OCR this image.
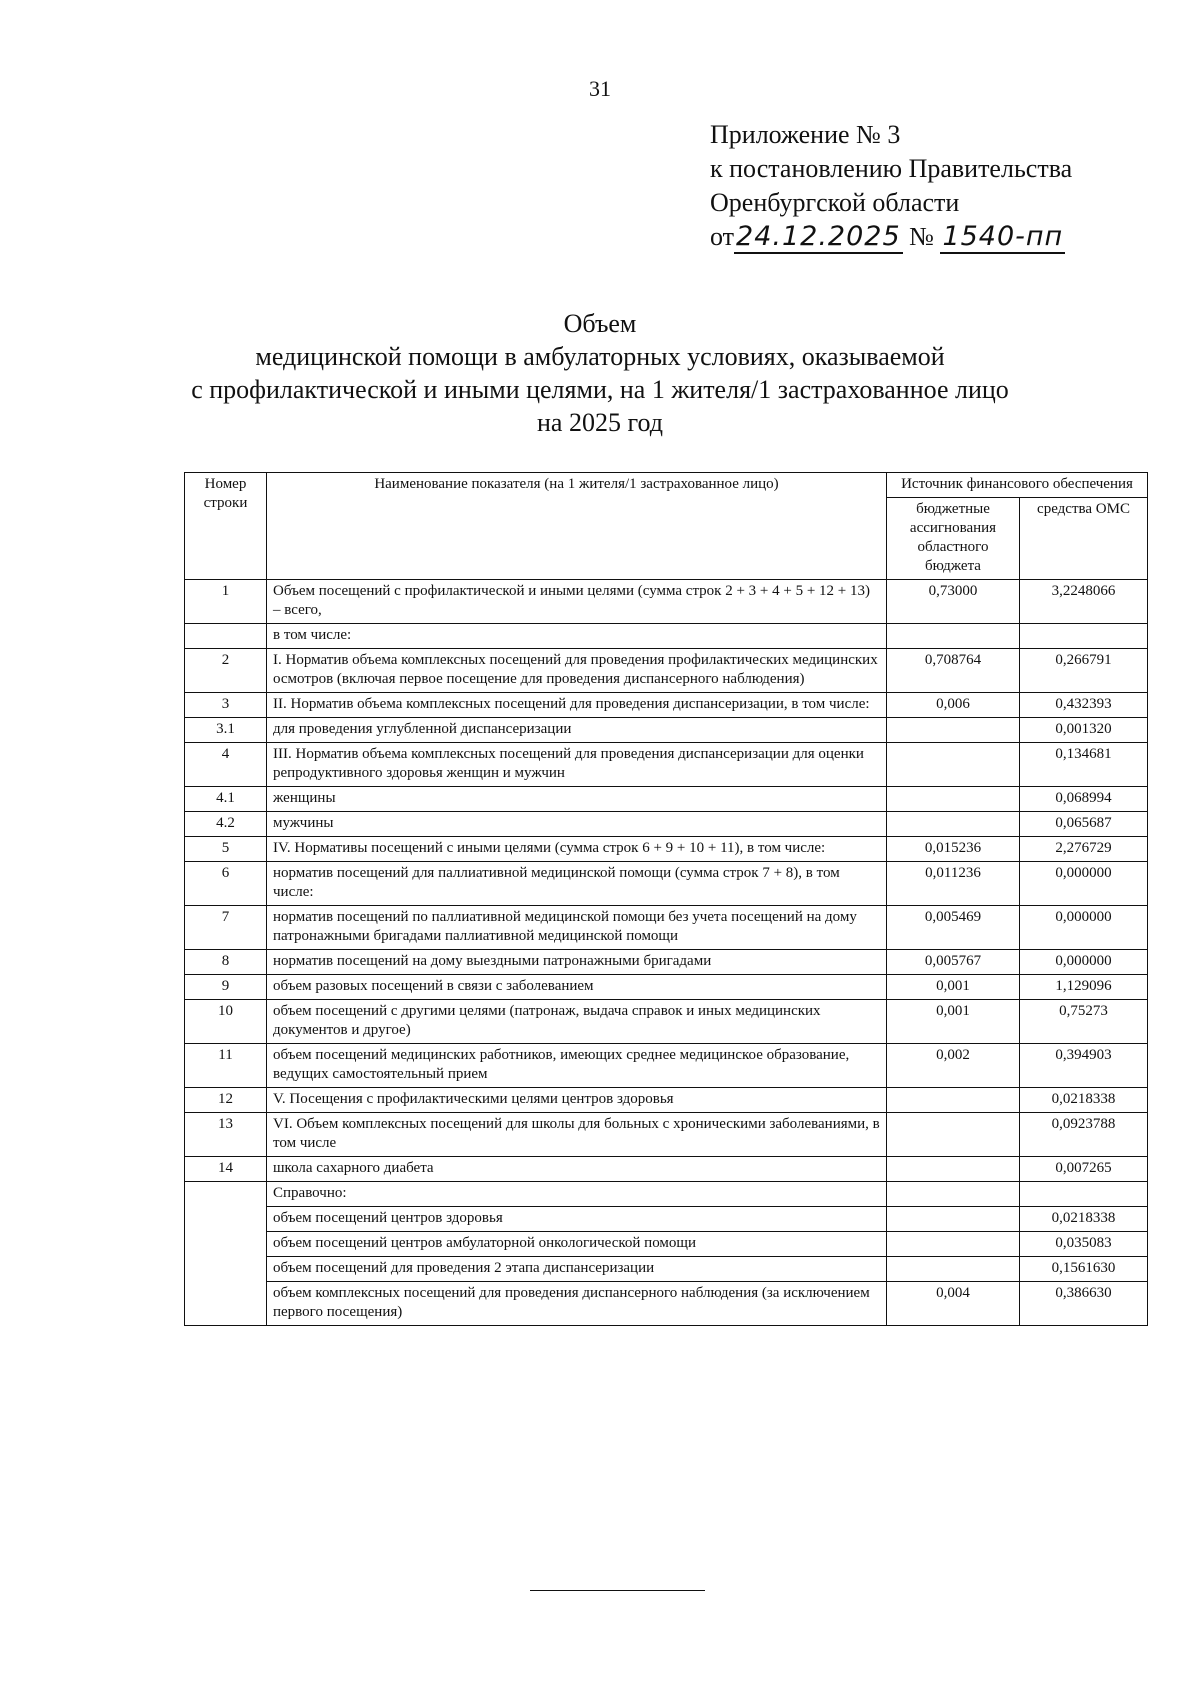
31
Приложение № 3
к постановлению Правительства
Оренбургской области
от24.12.2025 № 1540-пп
Объем
медицинской помощи в амбулаторных условиях, оказываемой
с профилактической и иными целями, на 1 жителя/1 застрахованное лицо
на 2025 год
Номер строки	Наименование показателя (на 1 жителя/1 застрахованное лицо)	Источник финансового обеспечения	
		бюджетные ассигнования областного бюджета	средства ОМС
1	Объем посещений с профилактической и иными целями (сумма строк 2 + 3 + 4 + 5 + 12 + 13) – всего,	0,73000	3,2248066
	в том числе:		
2	I. Норматив объема комплексных посещений для проведения профилактических медицинских осмотров (включая первое посещение для проведения диспансерного наблюдения)	0,708764	0,266791
3	II. Норматив объема комплексных посещений для проведения диспансеризации, в том числе:	0,006	0,432393
3.1	для проведения углубленной диспансеризации		0,001320
4	III. Норматив объема комплексных посещений для проведения диспансеризации для оценки репродуктивного здоровья женщин и мужчин		0,134681
4.1	женщины		0,068994
4.2	мужчины		0,065687
5	IV. Нормативы посещений с иными целями (сумма строк 6 + 9 + 10 + 11), в том числе:	0,015236	2,276729
6	норматив посещений для паллиативной медицинской помощи (сумма строк 7 + 8), в том числе:	0,011236	0,000000
7	норматив посещений по паллиативной медицинской помощи без учета посещений на дому патронажными бригадами паллиативной медицинской помощи	0,005469	0,000000
8	норматив посещений на дому выездными патронажными бригадами	0,005767	0,000000
9	объем разовых посещений в связи с заболеванием	0,001	1,129096
10	объем посещений с другими целями (патронаж, выдача справок и иных медицинских документов и другое)	0,001	0,75273
11	объем посещений медицинских работников, имеющих среднее медицинское образование, ведущих самостоятельный прием	0,002	0,394903
12	V. Посещения с профилактическими целями центров здоровья		0,0218338
13	VI. Объем комплексных посещений для школы для больных с хроническими заболеваниями, в том числе		0,0923788
14	школа сахарного диабета		0,007265
	Справочно:		
	объем посещений центров здоровья		0,0218338
	объем посещений центров амбулаторной онкологической помощи		0,035083
	объем посещений для проведения 2 этапа диспансеризации		0,1561630
	объем комплексных посещений для проведения диспансерного наблюдения (за исключением первого посещения)	0,004	0,386630
